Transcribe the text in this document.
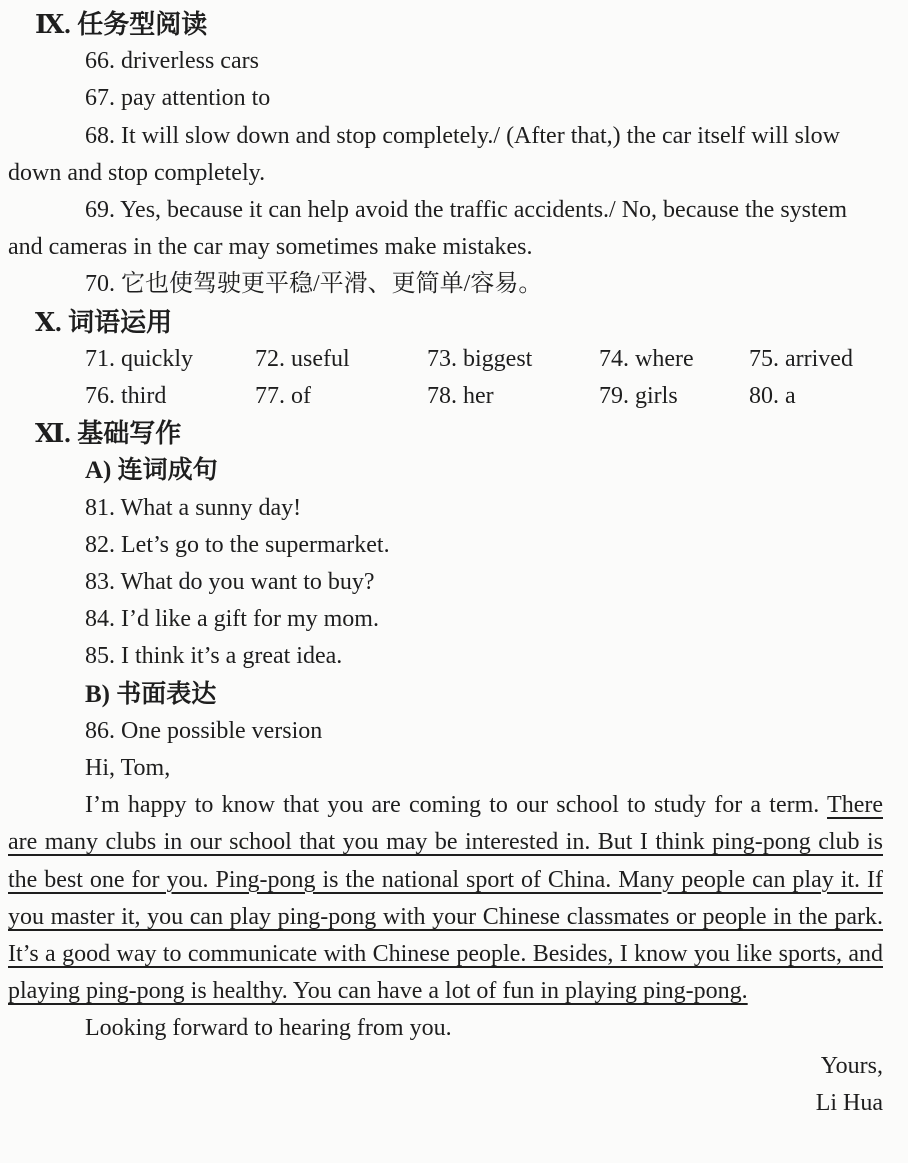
Ⅸ. 任务型阅读

66. driverless cars

67. pay attention to

68. It will slow down and stop completely./ (After that,) the car itself will slow down and stop completely.

69. Yes, because it can help avoid the traffic accidents./ No, because the system and cameras in the car may sometimes make mistakes.

70. 它也使驾驶更平稳/平滑、更简单/容易。

Ⅹ. 词语运用
71. quickly	72. useful	73. biggest	74. where	75. arrived
76. third	77. of	78. her	79. girls	80. a
Ⅺ. 基础写作
A) 连词成句

81. What a sunny day!

82. Let’s go to the supermarket.

83. What do you want to buy?

84. I’d like a gift for my mom.

85. I think it’s a great idea.

B) 书面表达

86. One possible version

Hi, Tom,

I’m happy to know that you are coming to our school to study for a term. There are many clubs in our school that you may be interested in. But I think ping-pong club is the best one for you. Ping-pong is the national sport of China. Many people can play it. If you master it, you can play ping-pong with your Chinese classmates or people in the park. It’s a good way to communicate with Chinese people. Besides, I know you like sports, and playing ping-pong is healthy. You can have a lot of fun in playing ping-pong.

Looking forward to hearing from you.

Yours,

Li Hua
